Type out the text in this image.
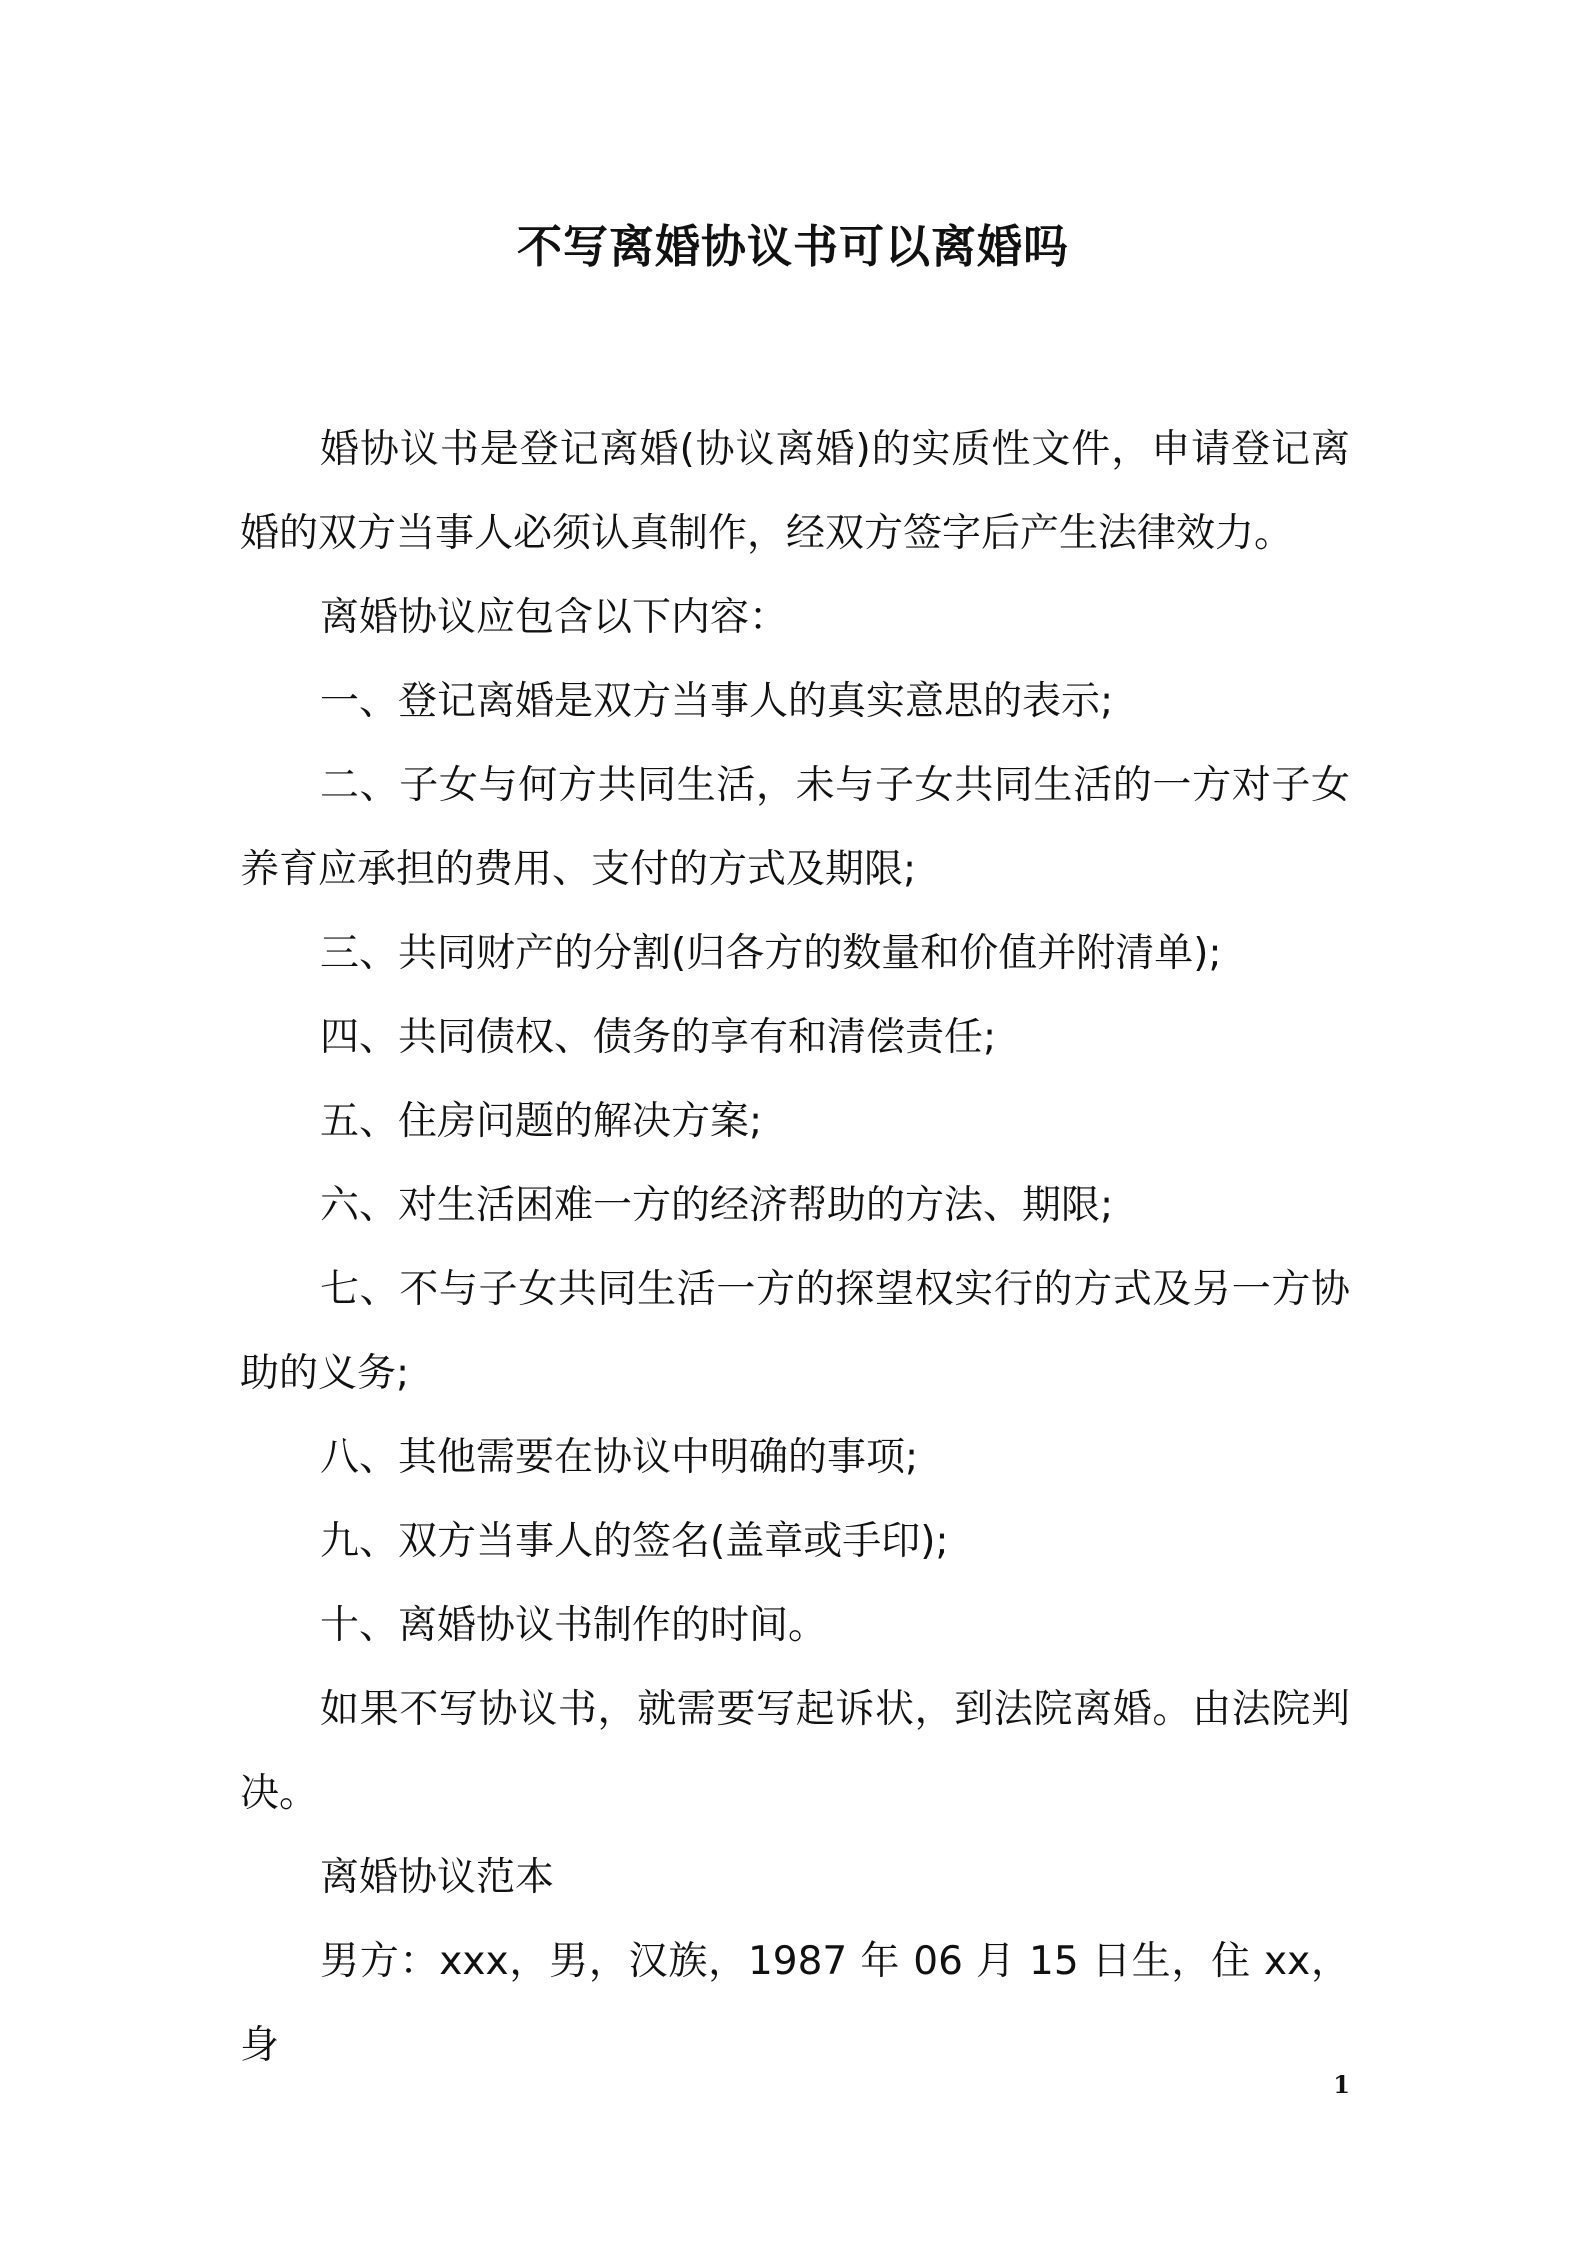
不写离婚协议书可以离婚吗

婚协议书是登记离婚(协议离婚)的实质性文件，申请登记离婚的双方当事人必须认真制作，经双方签字后产生法律效力。

离婚协议应包含以下内容：

一、登记离婚是双方当事人的真实意思的表示;

二、子女与何方共同生活，未与子女共同生活的一方对子女养育应承担的费用、支付的方式及期限;

三、共同财产的分割(归各方的数量和价值并附清单);

四、共同债权、债务的享有和清偿责任;

五、住房问题的解决方案;

六、对生活困难一方的经济帮助的方法、期限;

七、不与子女共同生活一方的探望权实行的方式及另一方协助的义务;

八、其他需要在协议中明确的事项;

九、双方当事人的签名(盖章或手印);

十、离婚协议书制作的时间。

如果不写协议书，就需要写起诉状，到法院离婚。由法院判决。

离婚协议范本

男方：xxx，男，汉族，1987 年 06 月 15 日生，住 xx，身

1
